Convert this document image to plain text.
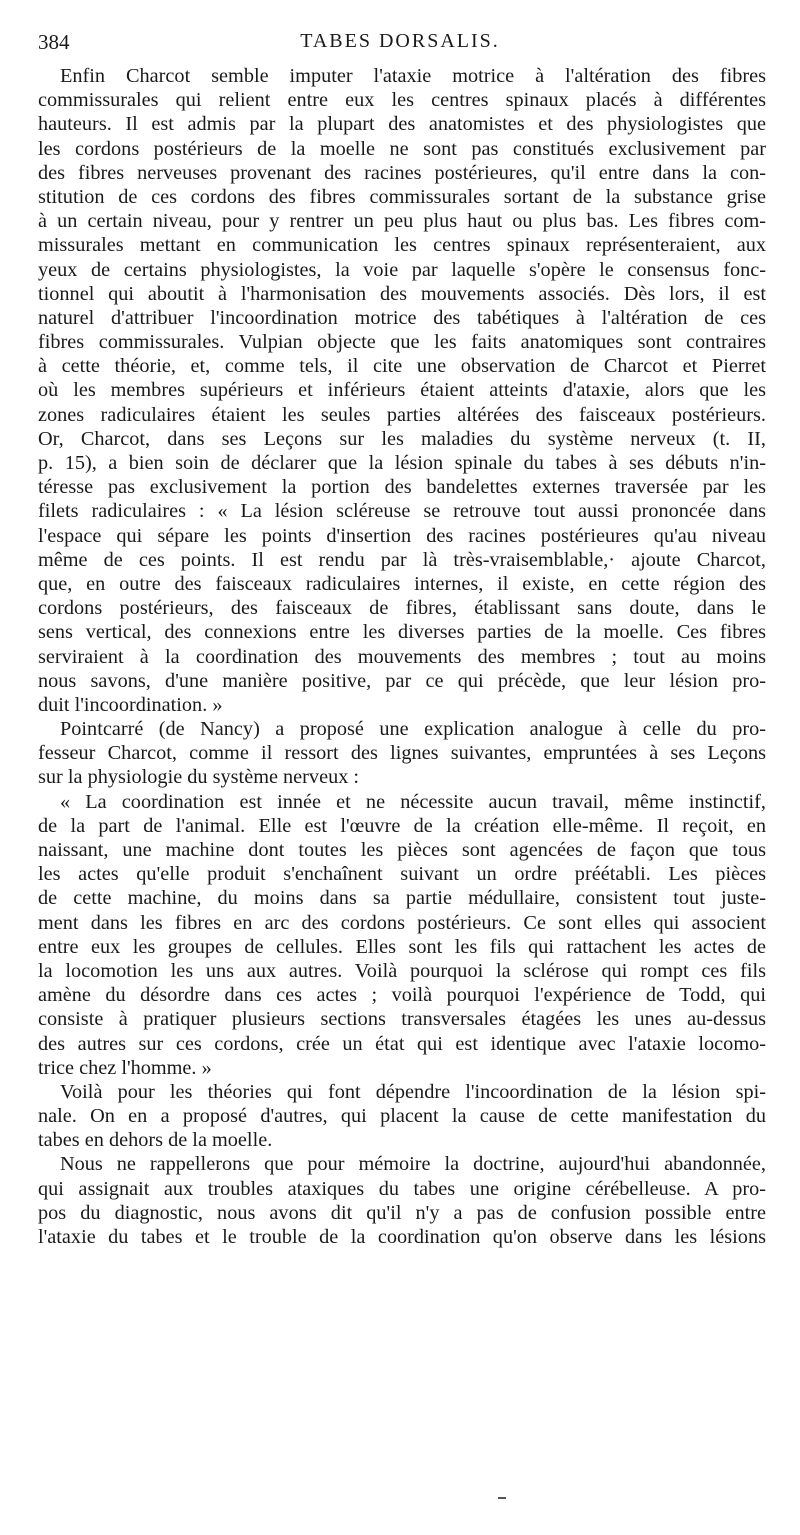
384	TABES DORSALIS.
Enfin Charcot semble imputer l'ataxie motrice à l'altération des fibres
commissurales qui relient entre eux les centres spinaux placés à différentes
hauteurs. Il est admis par la plupart des anatomistes et des physiologistes que
les cordons postérieurs de la moelle ne sont pas constitués exclusivement par
des fibres nerveuses provenant des racines postérieures, qu'il entre dans la con-
stitution de ces cordons des fibres commissurales sortant de la substance grise
à un certain niveau, pour y rentrer un peu plus haut ou plus bas. Les fibres com-
missurales mettant en communication les centres spinaux représenteraient, aux
yeux de certains physiologistes, la voie par laquelle s'opère le consensus fonc-
tionnel qui aboutit à l'harmonisation des mouvements associés. Dès lors, il est
naturel d'attribuer l'incoordination motrice des tabétiques à l'altération de ces
fibres commissurales. Vulpian objecte que les faits anatomiques sont contraires
à cette théorie, et, comme tels, il cite une observation de Charcot et Pierret
où les membres supérieurs et inférieurs étaient atteints d'ataxie, alors que les
zones radiculaires étaient les seules parties altérées des faisceaux postérieurs.
Or, Charcot, dans ses Leçons sur les maladies du système nerveux (t. II,
p. 15), a bien soin de déclarer que la lésion spinale du tabes à ses débuts n'in-
téresse pas exclusivement la portion des bandelettes externes traversée par les
filets radiculaires : « La lésion scléreuse se retrouve tout aussi prononcée dans
l'espace qui sépare les points d'insertion des racines postérieures qu'au niveau
même de ces points. Il est rendu par là très-vraisemblable,· ajoute Charcot,
que, en outre des faisceaux radiculaires internes, il existe, en cette région des
cordons postérieurs, des faisceaux de fibres, établissant sans doute, dans le
sens vertical, des connexions entre les diverses parties de la moelle. Ces fibres
serviraient à la coordination des mouvements des membres ; tout au moins
nous savons, d'une manière positive, par ce qui précède, que leur lésion pro-
duit l'incoordination. »
Pointcarré (de Nancy) a proposé une explication analogue à celle du pro-
fesseur Charcot, comme il ressort des lignes suivantes, empruntées à ses Leçons
sur la physiologie du système nerveux :
« La coordination est innée et ne nécessite aucun travail, même instinctif,
de la part de l'animal. Elle est l'œuvre de la création elle-même. Il reçoit, en
naissant, une machine dont toutes les pièces sont agencées de façon que tous
les actes qu'elle produit s'enchaînent suivant un ordre préétabli. Les pièces
de cette machine, du moins dans sa partie médullaire, consistent tout juste-
ment dans les fibres en arc des cordons postérieurs. Ce sont elles qui associent
entre eux les groupes de cellules. Elles sont les fils qui rattachent les actes de
la locomotion les uns aux autres. Voilà pourquoi la sclérose qui rompt ces fils
amène du désordre dans ces actes ; voilà pourquoi l'expérience de Todd, qui
consiste à pratiquer plusieurs sections transversales étagées les unes au-dessus
des autres sur ces cordons, crée un état qui est identique avec l'ataxie locomo-
trice chez l'homme. »
Voilà pour les théories qui font dépendre l'incoordination de la lésion spi-
nale. On en a proposé d'autres, qui placent la cause de cette manifestation du
tabes en dehors de la moelle.
Nous ne rappellerons que pour mémoire la doctrine, aujourd'hui abandonnée,
qui assignait aux troubles ataxiques du tabes une origine cérébelleuse. A pro-
pos du diagnostic, nous avons dit qu'il n'y a pas de confusion possible entre
l'ataxie du tabes et le trouble de la coordination qu'on observe dans les lésions
